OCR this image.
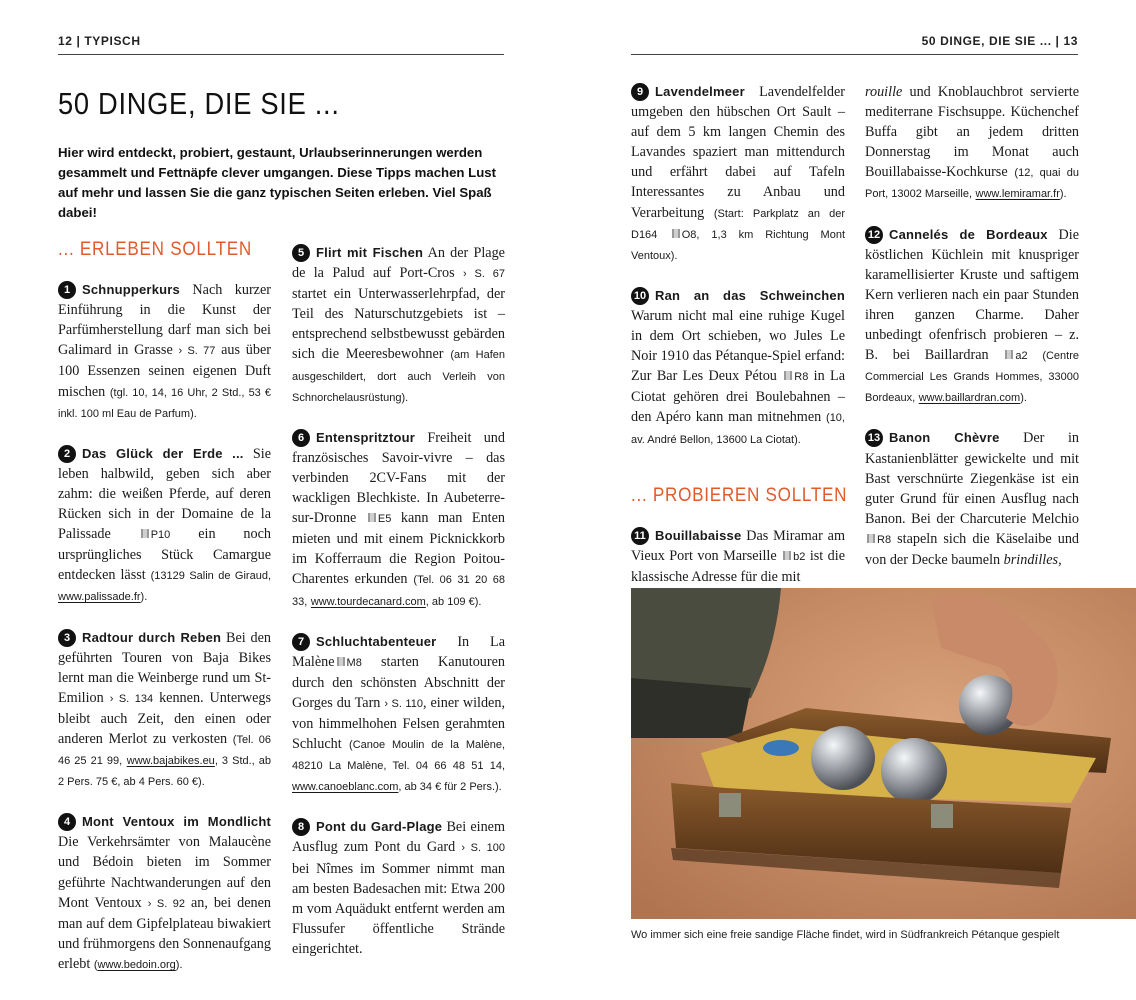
12 | TYPISCH	50 DINGE, DIE SIE ... | 13
50 DINGE, DIE SIE ...
Hier wird entdeckt, probiert, gestaunt, Urlaubserinnerungen werden gesammelt und Fettnäpfe clever umgangen. Diese Tipps machen Lust auf mehr und lassen Sie die ganz typischen Seiten erleben. Viel Spaß dabei!
... ERLEBEN SOLLTEN

1 Schnupperkurs Nach kurzer Einführung in die Kunst der Parfümherstellung darf man sich bei Galimard in Grasse › S. 77 aus über 100 Essenzen seinen eigenen Duft mischen (tgl. 10, 14, 16 Uhr, 2 Std., 53 € inkl. 100 ml Eau de Parfum).

2 Das Glück der Erde ... Sie leben halbwild, geben sich aber zahm: die weißen Pferde, auf deren Rücken sich in der Domaine de la Palissade	P10 ein noch ursprüngliches Stück Camargue entdecken lässt (13129 Salin de Giraud, www.palissade.fr).

3 Radtour durch Reben Bei den geführten Touren von Baja Bikes lernt man die Weinberge rund um St-Emilion › S. 134 kennen. Unterwegs bleibt auch Zeit, den einen oder anderen Merlot zu verkosten (Tel. 06 46 25 21 99, www.bajabikes.eu, 3 Std., ab 2 Pers. 75 €, ab 4 Pers. 60 €).

4 Mont Ventoux im Mondlicht Die Verkehrsämter von Malaucène und Bédoin bieten im Sommer geführte Nachtwanderungen auf den Mont Ventoux › S. 92 an, bei denen man auf dem Gipfelplateau biwakiert und frühmorgens den Sonnenaufgang erlebt (www.bedoin.org).

5 Flirt mit Fischen An der Plage de la Palud auf Port-Cros › S. 67 startet ein Unterwasserlehrpfad, der Teil des Naturschutzgebiets ist – entsprechend selbstbewusst gebärden sich die Meeresbewohner (am Hafen ausgeschildert, dort auch Verleih von Schnorchelausrüstung).

6 Entenspritztour Freiheit und französisches Savoir-vivre – das verbinden 2CV-Fans mit der wackligen Blechkiste. In Aubeterre-sur-Dronne E5 kann man Enten mieten und mit einem Picknickkorb im Kofferraum die Region Poitou-Charentes erkunden (Tel. 06 31 20 68 33, www.tourdecanard.com, ab 109 €).

7 Schluchtabenteuer In La Malène M8 starten Kanutouren durch den schönsten Abschnitt der Gorges du Tarn › S. 110, einer wilden, von himmelhohen Felsen gerahmten Schlucht (Canoe Moulin de la Malène, 48210 La Malène, Tel. 04 66 48 51 14, www.canoeblanc.com, ab 34 € für 2 Pers.).

8 Pont du Gard-Plage Bei einem Ausflug zum Pont du Gard › S. 100 bei Nîmes im Sommer nimmt man am besten Badesachen mit: Etwa 200 m vom Aquädukt entfernt werden am Flussufer öffentliche Strände eingerichtet.

9 Lavendelmeer Lavendelfelder umgeben den hübschen Ort Sault – auf dem 5 km langen Chemin des Lavandes spaziert man mittendurch und erfährt dabei auf Tafeln Interessantes zu Anbau und Verarbeitung (Start: Parkplatz an der D164 O8, 1,3 km Richtung Mont Ventoux).

10 Ran an das Schweinchen Warum nicht mal eine ruhige Kugel in dem Ort schieben, wo Jules Le Noir 1910 das Pétanque-Spiel erfand: Zur Bar Les Deux Pétou R8 in La Ciotat gehören drei Boulebahnen – den Apéro kann man mitnehmen (10, av. André Bellon, 13600 La Ciotat).

... PROBIEREN SOLLTEN

11 Bouillabaisse Das Miramar am Vieux Port von Marseille b2 ist die klassische Adresse für die mit

rouille und Knoblauchbrot servierte mediterrane Fischsuppe. Küchenchef Buffa gibt an jedem dritten Donnerstag im Monat auch Bouillabaisse-Kochkurse (12, quai du Port, 13002 Marseille, www.lemiramar.fr).

12 Cannelés de Bordeaux Die köstlichen Küchlein mit knuspriger karamellisierter Kruste und saftigem Kern verlieren nach ein paar Stunden ihren ganzen Charme. Daher unbedingt ofenfrisch probieren – z. B. bei Baillardran a2 (Centre Commercial Les Grands Hommes, 33000 Bordeaux, www.baillardran.com).

13 Banon Chèvre Der in Kastanienblätter gewickelte und mit Bast verschnürte Ziegenkäse ist ein guter Grund für einen Ausflug nach Banon. Bei der Charcuterie Melchio R8 stapeln sich die Käselaibe und von der Decke baumeln brindilles,

Wo immer sich eine freie sandige Fläche findet, wird in Südfrankreich Pétanque gespielt
